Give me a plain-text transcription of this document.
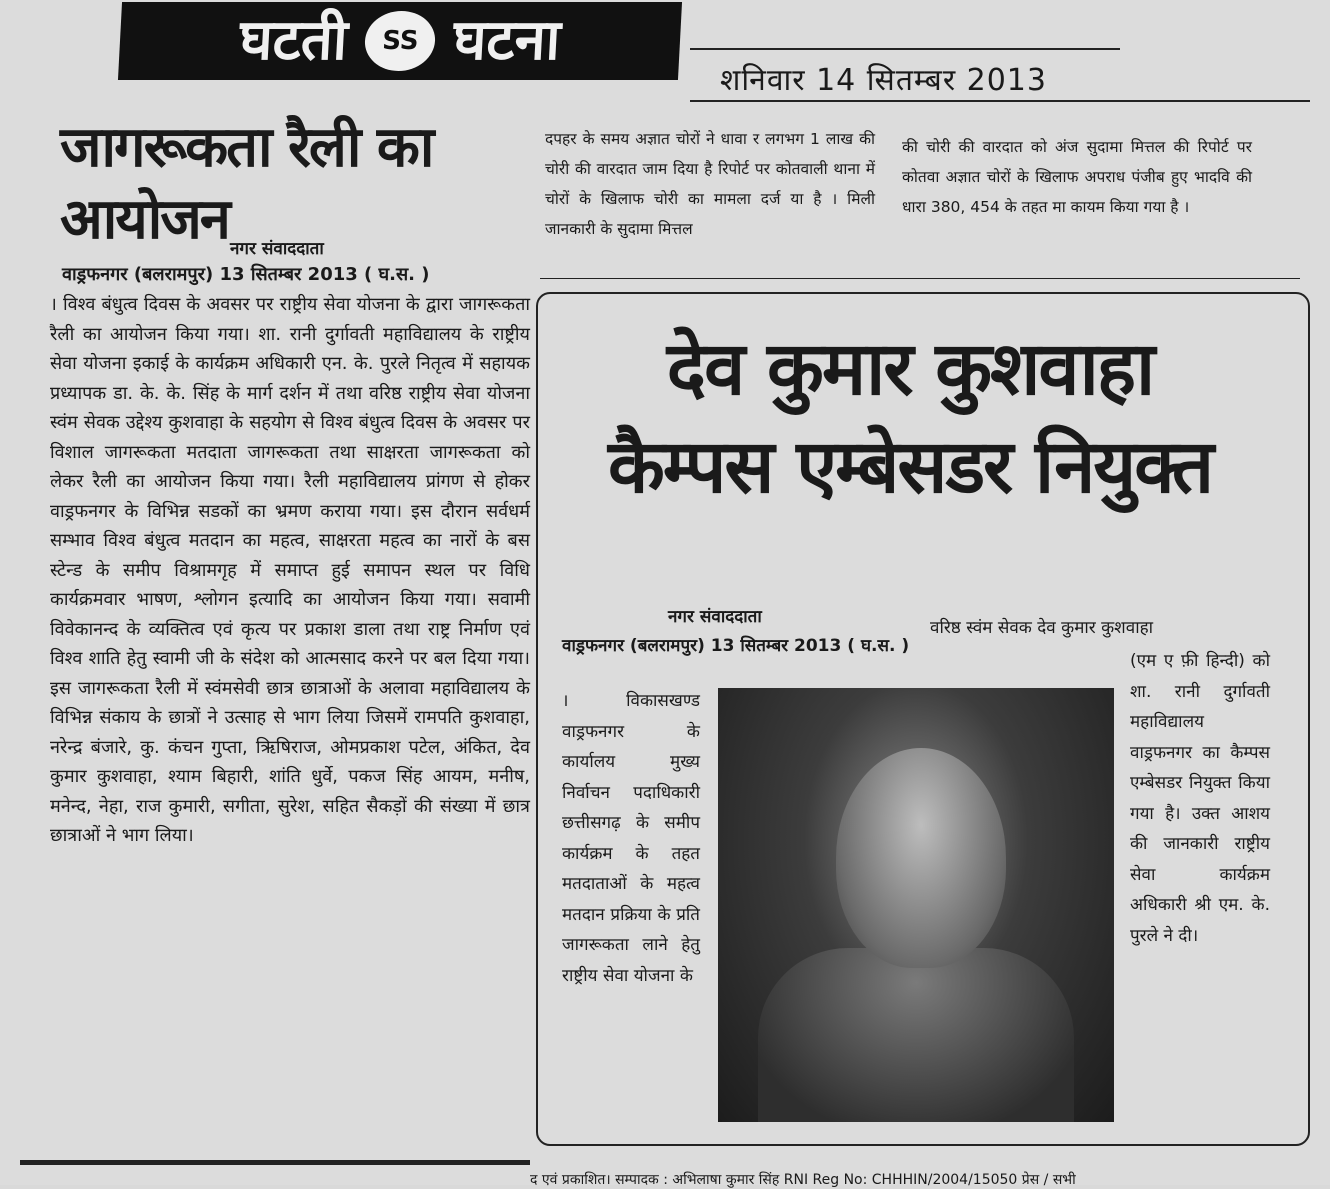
घटती	SS घटना
शनिवार 14 सितम्बर 2013
जागरूकता रैली का आयोजन नगर संवाददाता
वाड्रफनगर (बलरामपुर) 13 सितम्बर 2013 ( घ.स. )

। विश्व बंधुत्व दिवस के अवसर पर राष्ट्रीय सेवा योजना के द्वारा जागरूकता रैली का आयोजन किया गया। शा. रानी दुर्गावती महाविद्यालय के राष्ट्रीय सेवा योजना इकाई के कार्यक्रम अधिकारी एन. के. पुरले नितृत्व में सहायक प्रध्यापक डा. के. के. सिंह के मार्ग दर्शन में तथा वरिष्ठ राष्ट्रीय सेवा योजना स्वंम सेवक उद्देश्य कुशवाहा के सहयोग से विश्व बंधुत्व दिवस के अवसर पर विशाल जागरूकता मतदाता जागरूकता तथा साक्षरता जागरूकता को लेकर रैली का आयोजन किया गया। रैली महाविद्यालय प्रांगण से होकर वाड्रफनगर के विभिन्न सडकों का भ्रमण कराया गया। इस दौरान सर्वधर्म सम्भाव विश्व बंधुत्व मतदान का महत्व, साक्षरता महत्व का नारों के बस स्टेन्ड के समीप विश्रामगृह में समाप्त हुई समापन स्थल पर विधि कार्यक्रमवार भाषण, श्लोगन इत्यादि का आयोजन किया गया। सवामी विवेकानन्द के व्यक्तित्व एवं कृत्य पर प्रकाश डाला तथा राष्ट्र निर्माण एवं विश्व शाति हेतु स्वामी जी के संदेश को आत्मसाद करने पर बल दिया गया। इस जागरूकता रैली में स्वंमसेवी छात्र छात्राओं के अलावा महाविद्यालय के विभिन्न संकाय के छात्रों ने उत्साह से भाग लिया जिसमें रामपति कुशवाहा, नरेन्द्र बंजारे, कु. कंचन गुप्ता, ऋिषिराज, ओमप्रकाश पटेल, अंकित, देव कुमार कुशवाहा, श्याम बिहारी, शांति धुर्वे, पकज सिंह आयम, मनीष, मनेन्द, नेहा, राज कुमारी, सगीता, सुरेश, सहित सैकड़ों की संख्या में छात्र छात्राओं ने भाग लिया।

दपहर के समय अज्ञात चोरों ने धावा र लगभग 1 लाख की चोरी की वारदात जाम दिया है रिपोर्ट पर कोतवाली थाना में चोरों के खिलाफ चोरी का मामला दर्ज या है । मिली जानकारी के सुदामा मित्तल
की चोरी की वारदात को अंज सुदामा मित्तल की रिपोर्ट पर कोतवा अज्ञात चोरों के खिलाफ अपराध पंजीब हुए भादवि की धारा 380, 454 के तहत मा कायम किया गया है ।
देव कुमार कुशवाहा
कैम्पस एम्बेसडर नियुक्त
नगर संवाददाता
वाड्रफनगर (बलरामपुर) 13 सितम्बर 2013 ( घ.स. )
। विकासखण्ड वाड्रफनगर के कार्यालय मुख्य निर्वाचन पदाधिकारी छत्तीसगढ़ के समीप कार्यक्रम के तहत मतदाताओं के महत्व मतदान प्रक्रिया के प्रति जागरूकता लाने हेतु राष्ट्रीय सेवा योजना के
वरिष्ठ स्वंम सेवक देव कुमार कुशवाहा
(एम ए फ़ी हिन्दी) को शा. रानी दुर्गावती महाविद्यालय वाड्रफनगर का कैम्पस एम्बेसडर नियुक्त किया गया है। उक्त आशय की जानकारी राष्ट्रीय सेवा कार्यक्रम अधिकारी श्री एम. के. पुरले ने दी।
द एवं प्रकाशित। सम्पादक : अभिलाषा कुमार सिंह RNI Reg No: CHHHIN/2004/15050 प्रेस / सभी
